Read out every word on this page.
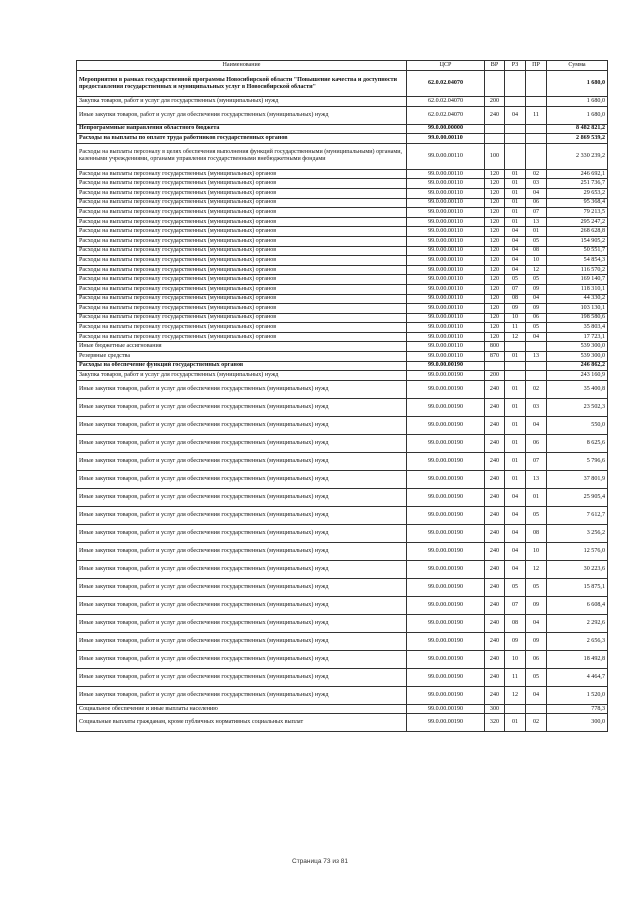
Наименование	ЦСР	ВР	РЗ	ПР	Сумма
Мероприятия в рамках государственной программы Новосибирской области "Повышение качества и доступности предоставления государственных и муниципальных услуг в Новосибирской области"	62.0.02.04070				1 680,0
Закупка товаров, работ и услуг для государственных (муниципальных) нужд	62.0.02.04070	200			1 680,0
Иные закупки товаров, работ и услуг для обеспечения государственных (муниципальных) нужд	62.0.02.04070	240	04	11	1 680,0
Непрограммные направления областного бюджета	99.0.00.00000				8 482 821,2
Расходы на выплаты по оплате труда работников государственных органов	99.0.00.00110				2 869 539,2
Расходы на выплаты персоналу в целях обеспечения выполнения функций государственными (муниципальными) органами, казенными учреждениями, органами управления государственными внебюджетными фондами	99.0.00.00110	100			2 330 239,2
Расходы на выплаты персоналу государственных (муниципальных) органов	99.0.00.00110	120	01	02	246 692,1
Расходы на выплаты персоналу государственных (муниципальных) органов	99.0.00.00110	120	01	03	251 736,7
Расходы на выплаты персоналу государственных (муниципальных) органов	99.0.00.00110	120	01	04	29 653,2
Расходы на выплаты персоналу государственных (муниципальных) органов	99.0.00.00110	120	01	06	95 368,4
Расходы на выплаты персоналу государственных (муниципальных) органов	99.0.00.00110	120	01	07	79 213,5
Расходы на выплаты персоналу государственных (муниципальных) органов	99.0.00.00110	120	01	13	295 247,2
Расходы на выплаты персоналу государственных (муниципальных) органов	99.0.00.00110	120	04	01	268 628,8
Расходы на выплаты персоналу государственных (муниципальных) органов	99.0.00.00110	120	04	05	154 905,2
Расходы на выплаты персоналу государственных (муниципальных) органов	99.0.00.00110	120	04	08	50 551,7
Расходы на выплаты персоналу государственных (муниципальных) органов	99.0.00.00110	120	04	10	54 854,3
Расходы на выплаты персоналу государственных (муниципальных) органов	99.0.00.00110	120	04	12	116 570,2
Расходы на выплаты персоналу государственных (муниципальных) органов	99.0.00.00110	120	05	05	169 140,7
Расходы на выплаты персоналу государственных (муниципальных) органов	99.0.00.00110	120	07	09	118 310,1
Расходы на выплаты персоналу государственных (муниципальных) органов	99.0.00.00110	120	08	04	44 330,2
Расходы на выплаты персоналу государственных (муниципальных) органов	99.0.00.00110	120	09	09	103 130,1
Расходы на выплаты персоналу государственных (муниципальных) органов	99.0.00.00110	120	10	06	198 580,6
Расходы на выплаты персоналу государственных (муниципальных) органов	99.0.00.00110	120	11	05	35 803,4
Расходы на выплаты персоналу государственных (муниципальных) органов	99.0.00.00110	120	12	04	17 723,1
Иные бюджетные ассигнования	99.0.00.00110	800			539 300,0
Резервные средства	99.0.00.00110	870	01	13	539 300,0
Расходы на обеспечение функций государственных органов	99.0.00.00190				246 862,2
Закупка товаров, работ и услуг для государственных (муниципальных) нужд	99.0.00.00190	200			243 160,9
Иные закупки товаров, работ и услуг для обеспечения государственных (муниципальных) нужд	99.0.00.00190	240	01	02	35 400,8
Иные закупки товаров, работ и услуг для обеспечения государственных (муниципальных) нужд	99.0.00.00190	240	01	03	23 502,3
Иные закупки товаров, работ и услуг для обеспечения государственных (муниципальных) нужд	99.0.00.00190	240	01	04	550,0
Иные закупки товаров, работ и услуг для обеспечения государственных (муниципальных) нужд	99.0.00.00190	240	01	06	8 625,6
Иные закупки товаров, работ и услуг для обеспечения государственных (муниципальных) нужд	99.0.00.00190	240	01	07	5 796,6
Иные закупки товаров, работ и услуг для обеспечения государственных (муниципальных) нужд	99.0.00.00190	240	01	13	37 801,9
Иные закупки товаров, работ и услуг для обеспечения государственных (муниципальных) нужд	99.0.00.00190	240	04	01	25 905,4
Иные закупки товаров, работ и услуг для обеспечения государственных (муниципальных) нужд	99.0.00.00190	240	04	05	7 612,7
Иные закупки товаров, работ и услуг для обеспечения государственных (муниципальных) нужд	99.0.00.00190	240	04	08	3 256,2
Иные закупки товаров, работ и услуг для обеспечения государственных (муниципальных) нужд	99.0.00.00190	240	04	10	12 576,0
Иные закупки товаров, работ и услуг для обеспечения государственных (муниципальных) нужд	99.0.00.00190	240	04	12	30 223,6
Иные закупки товаров, работ и услуг для обеспечения государственных (муниципальных) нужд	99.0.00.00190	240	05	05	15 875,1
Иные закупки товаров, работ и услуг для обеспечения государственных (муниципальных) нужд	99.0.00.00190	240	07	09	6 608,4
Иные закупки товаров, работ и услуг для обеспечения государственных (муниципальных) нужд	99.0.00.00190	240	08	04	2 292,6
Иные закупки товаров, работ и услуг для обеспечения государственных (муниципальных) нужд	99.0.00.00190	240	09	09	2 656,3
Иные закупки товаров, работ и услуг для обеспечения государственных (муниципальных) нужд	99.0.00.00190	240	10	06	18 492,8
Иные закупки товаров, работ и услуг для обеспечения государственных (муниципальных) нужд	99.0.00.00190	240	11	05	4 464,7
Иные закупки товаров, работ и услуг для обеспечения государственных (муниципальных) нужд	99.0.00.00190	240	12	04	1 520,0
Социальное обеспечение и иные выплаты населению	99.0.00.00190	300			778,3
Социальные выплаты гражданам, кроме публичных нормативных социальных выплат	99.0.00.00190	320	01	02	300,0
Страница 73 из 81
